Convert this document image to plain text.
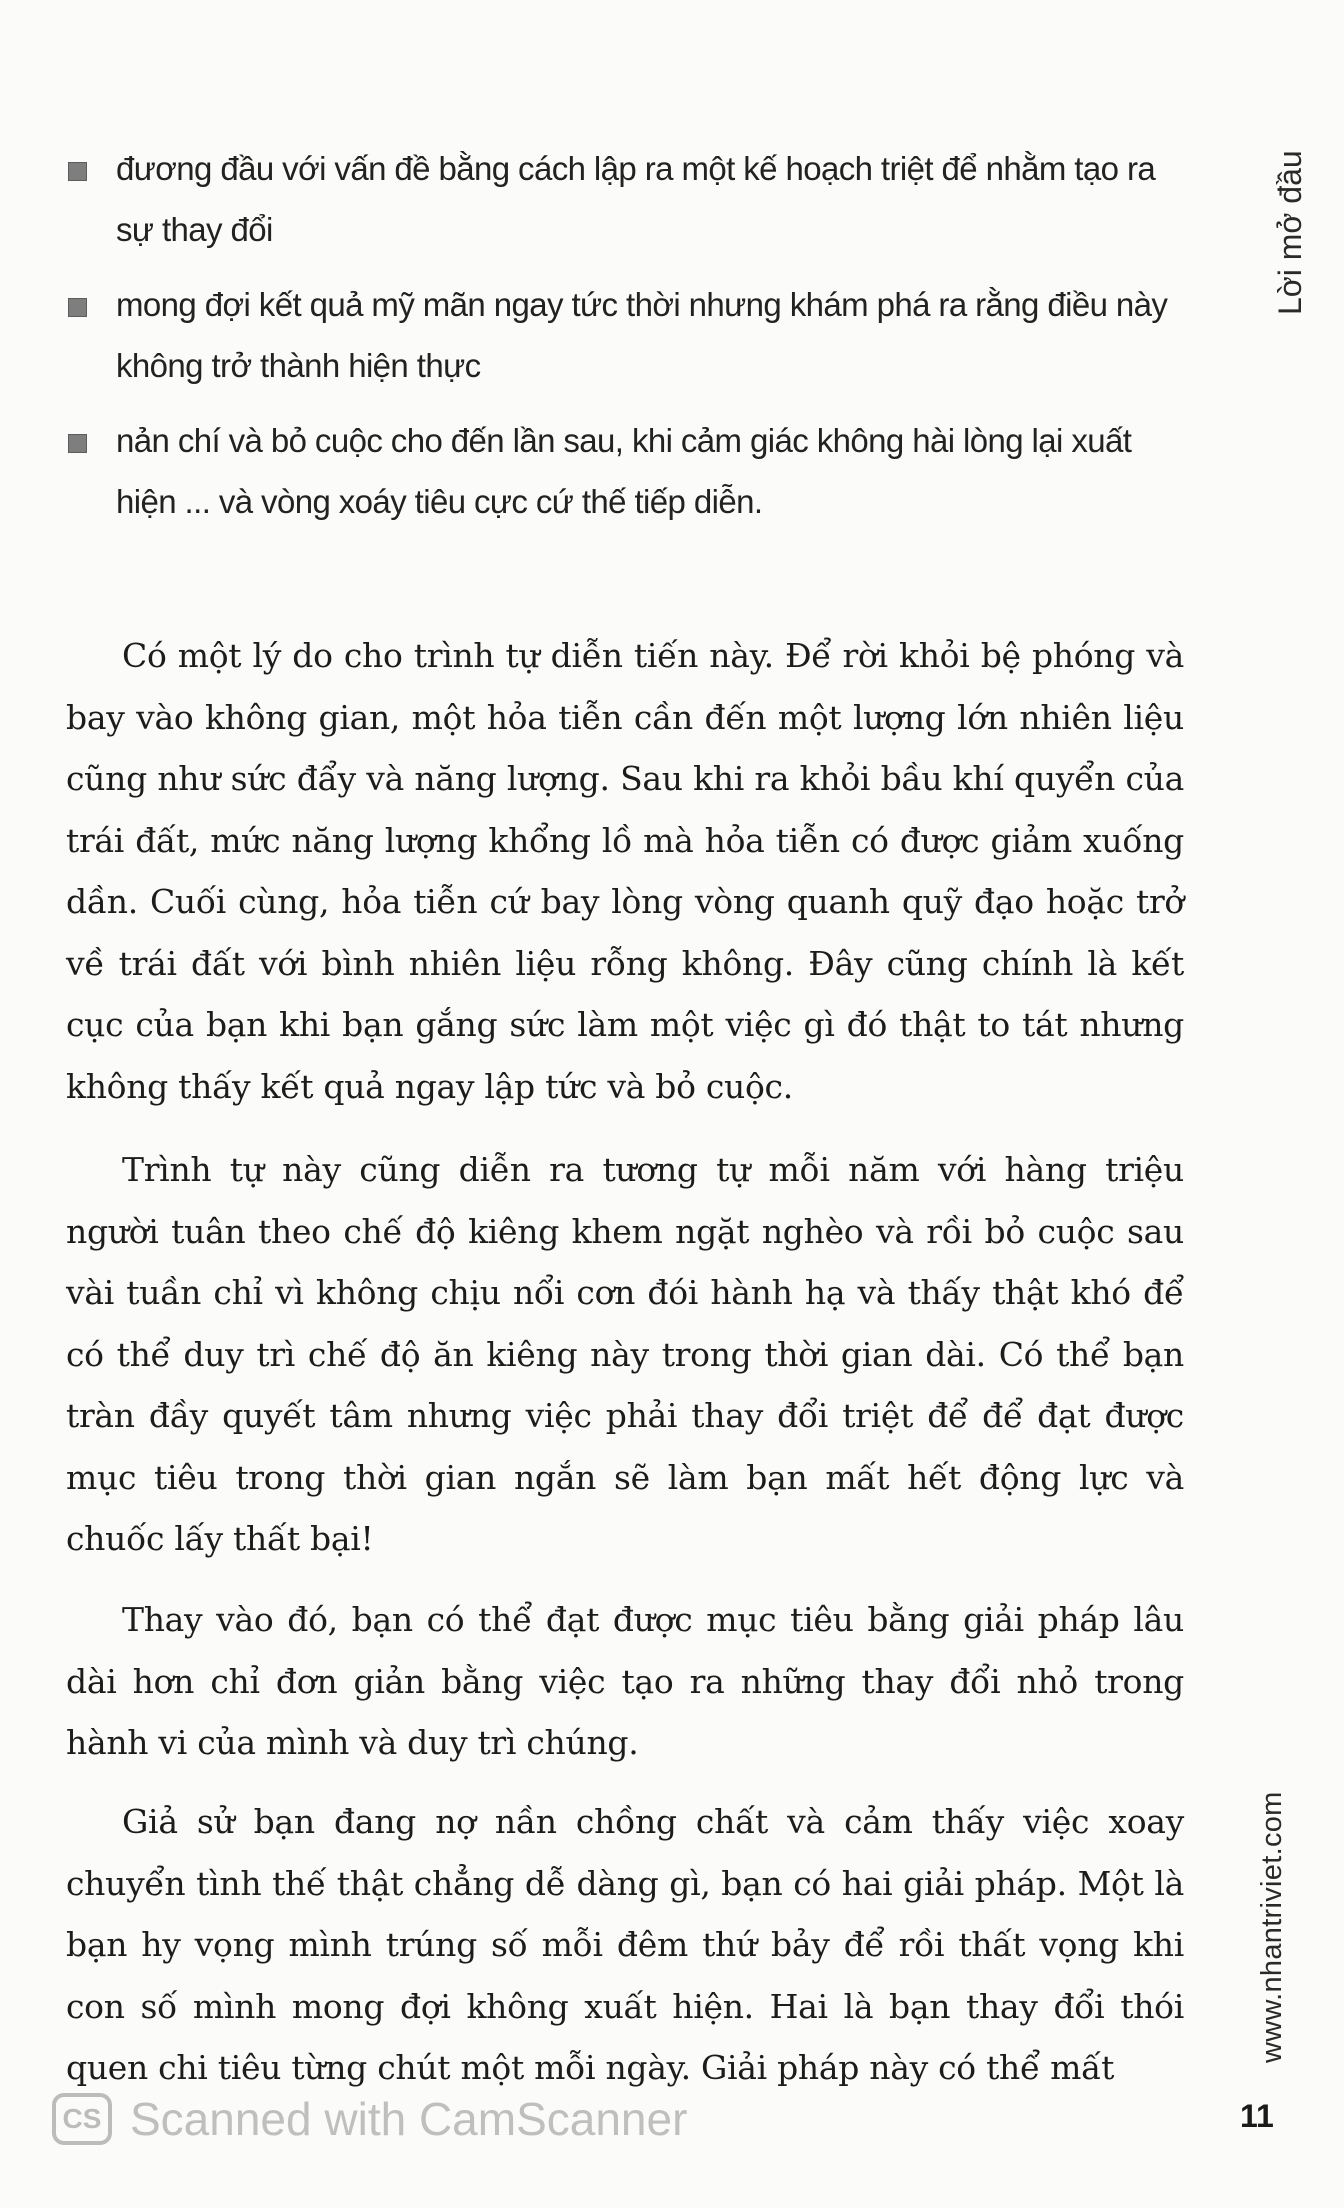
đương đầu với vấn đề bằng cách lập ra một kế hoạch triệt để nhằm tạo ra sự thay đổi
mong đợi kết quả mỹ mãn ngay tức thời nhưng khám phá ra rằng điều này không trở thành hiện thực
nản chí và bỏ cuộc cho đến lần sau, khi cảm giác không hài lòng lại xuất hiện ... và vòng xoáy tiêu cực cứ thế tiếp diễn.

Có một lý do cho trình tự diễn tiến này. Để rời khỏi bệ phóng và bay vào không gian, một hỏa tiễn cần đến một lượng lớn nhiên liệu cũng như sức đẩy và năng lượng. Sau khi ra khỏi bầu khí quyển của trái đất, mức năng lượng khổng lồ mà hỏa tiễn có được giảm xuống dần. Cuối cùng, hỏa tiễn cứ bay lòng vòng quanh quỹ đạo hoặc trở về trái đất với bình nhiên liệu rỗng không. Đây cũng chính là kết cục của bạn khi bạn gắng sức làm một việc gì đó thật to tát nhưng không thấy kết quả ngay lập tức và bỏ cuộc.

Trình tự này cũng diễn ra tương tự mỗi năm với hàng triệu người tuân theo chế độ kiêng khem ngặt nghèo và rồi bỏ cuộc sau vài tuần chỉ vì không chịu nổi cơn đói hành hạ và thấy thật khó để có thể duy trì chế độ ăn kiêng này trong thời gian dài. Có thể bạn tràn đầy quyết tâm nhưng việc phải thay đổi triệt để để đạt được mục tiêu trong thời gian ngắn sẽ làm bạn mất hết động lực và chuốc lấy thất bại!

Thay vào đó, bạn có thể đạt được mục tiêu bằng giải pháp lâu dài hơn chỉ đơn giản bằng việc tạo ra những thay đổi nhỏ trong hành vi của mình và duy trì chúng.

Giả sử bạn đang nợ nần chồng chất và cảm thấy việc xoay chuyển tình thế thật chẳng dễ dàng gì, bạn có hai giải pháp. Một là bạn hy vọng mình trúng số mỗi đêm thứ bảy để rồi thất vọng khi con số mình mong đợi không xuất hiện. Hai là bạn thay đổi thói quen chi tiêu từng chút một mỗi ngày. Giải pháp này có thể mất

Lời mở đầu
www.nhantriviet.com
11
CS Scanned with CamScanner
